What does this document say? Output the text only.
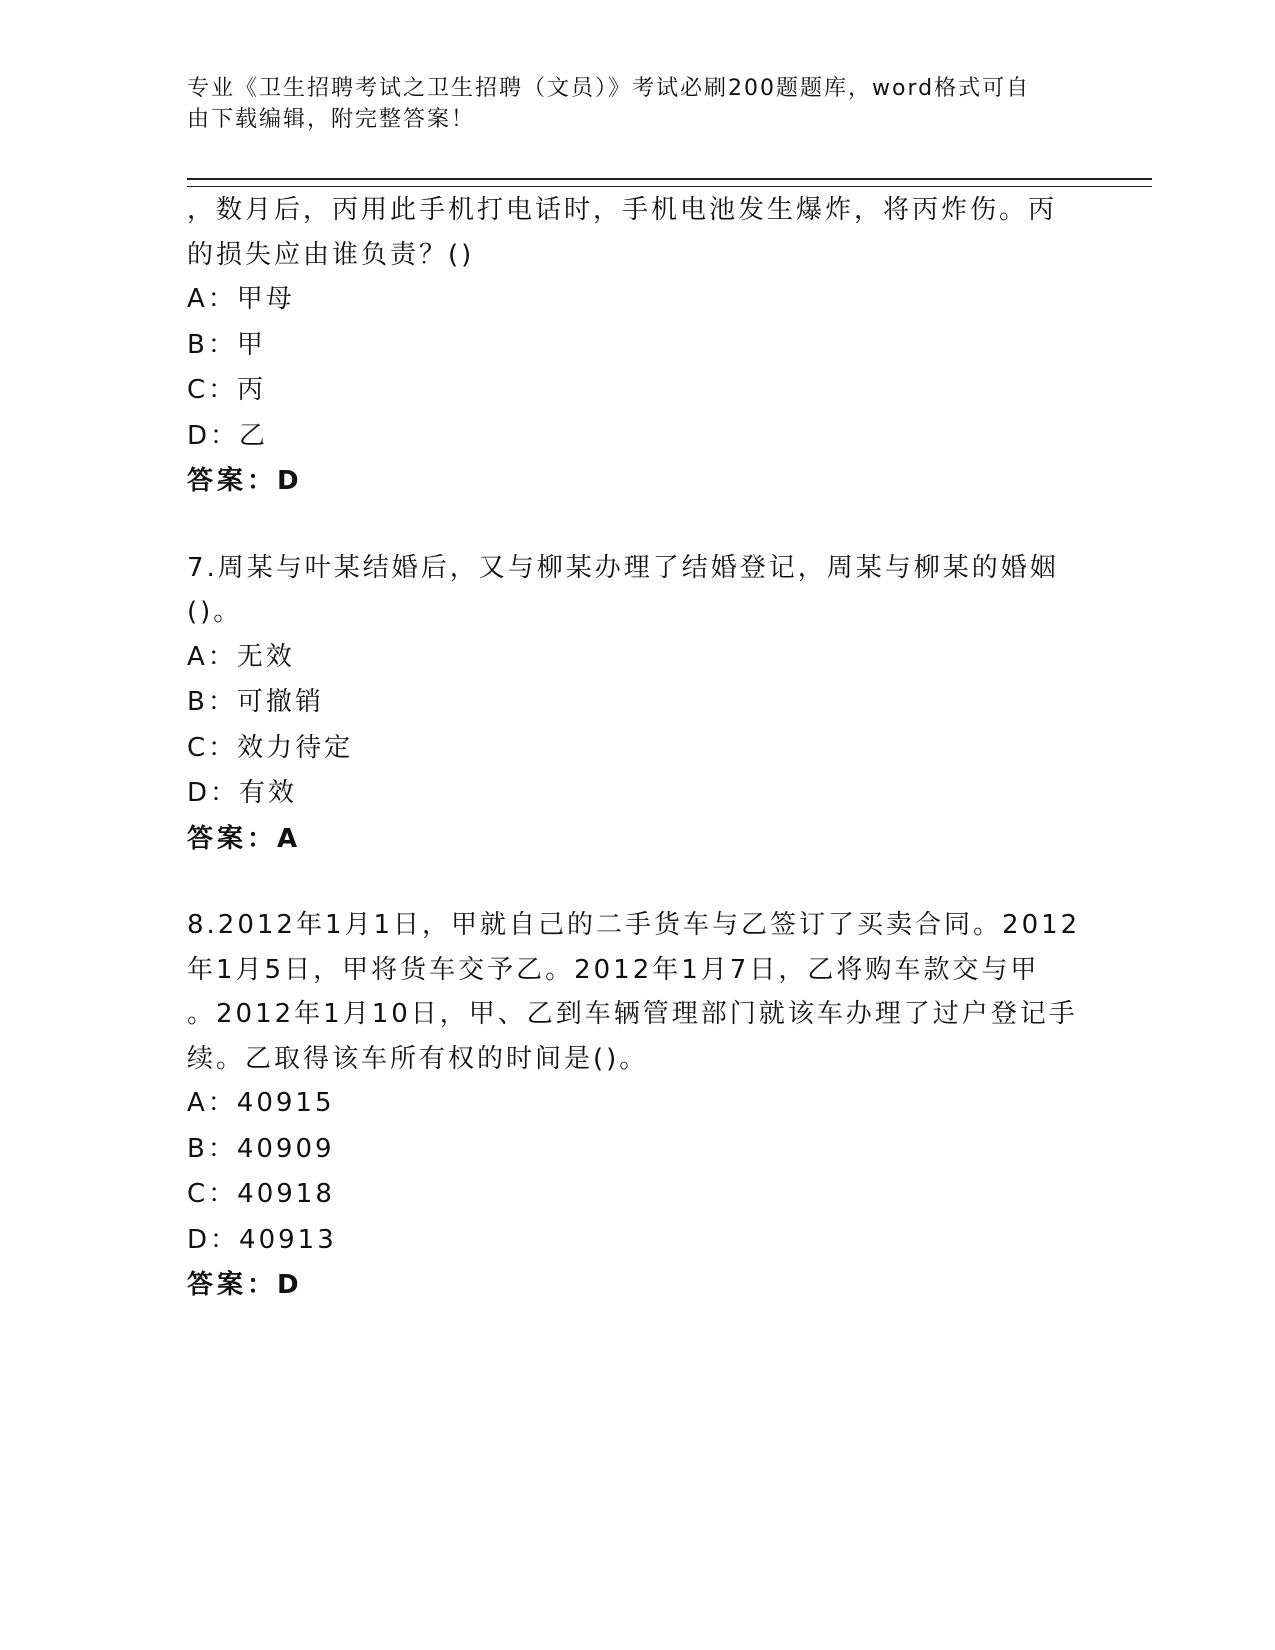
专业《卫生招聘考试之卫生招聘（文员）》考试必刷200题题库，word格式可自
由下载编辑，附完整答案！
，数月后，丙用此手机打电话时，手机电池发生爆炸，将丙炸伤。丙
的损失应由谁负责？()
A：甲母
B：甲
C：丙
D：乙
答案：D
7.周某与叶某结婚后，又与柳某办理了结婚登记，周某与柳某的婚姻
()。
A：无效
B：可撤销
C：效力待定
D：有效
答案：A
8.2012年1月1日，甲就自己的二手货车与乙签订了买卖合同。2012
年1月5日，甲将货车交予乙。2012年1月7日，乙将购车款交与甲
。2012年1月10日，甲、乙到车辆管理部门就该车办理了过户登记手
续。乙取得该车所有权的时间是()。
A：40915
B：40909
C：40918
D：40913
答案：D
